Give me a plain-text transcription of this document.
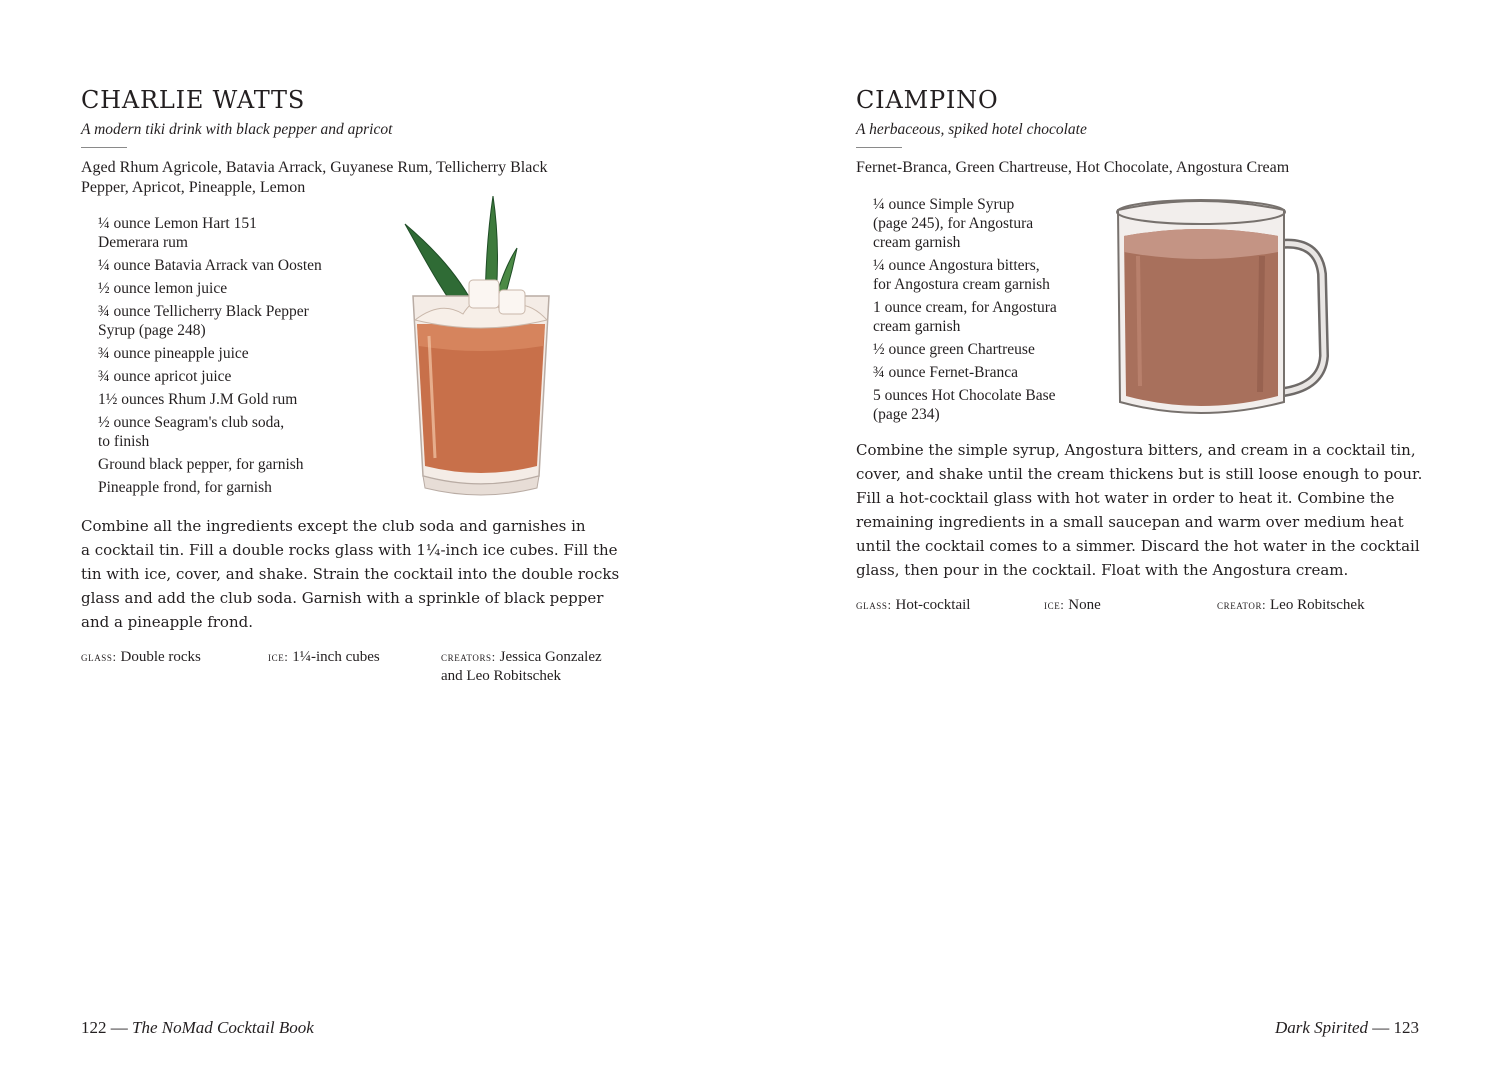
CHARLIE WATTS
A modern tiki drink with black pepper and apricot
Aged Rhum Agricole, Batavia Arrack, Guyanese Rum, Tellicherry Black
Pepper, Apricot, Pineapple, Lemon
¼ ounce Lemon Hart 151
Demerara rum
¼ ounce Batavia Arrack van Oosten
½ ounce lemon juice
¾ ounce Tellicherry Black Pepper
Syrup (page 248)
¾ ounce pineapple juice
¾ ounce apricot juice
1½ ounces Rhum J.M Gold rum
½ ounce Seagram's club soda,
to finish
Ground black pepper, for garnish
Pineapple frond, for garnish
Combine all the ingredients except the club soda and garnishes in
a cocktail tin. Fill a double rocks glass with 1¼-inch ice cubes. Fill the
tin with ice, cover, and shake. Strain the cocktail into the double rocks
glass and add the club soda. Garnish with a sprinkle of black pepper
and a pineapple frond.
glass: Double rocks	ice: 1¼-inch cubes	creators: Jessica Gonzalez
and Leo Robitschek
122 — The NoMad Cocktail Book
CIAMPINO
A herbaceous, spiked hotel chocolate
Fernet-Branca, Green Chartreuse, Hot Chocolate, Angostura Cream
¼ ounce Simple Syrup
(page 245), for Angostura
cream garnish
¼ ounce Angostura bitters,
for Angostura cream garnish
1 ounce cream, for Angostura
cream garnish
½ ounce green Chartreuse
¾ ounce Fernet-Branca
5 ounces Hot Chocolate Base
(page 234)
Combine the simple syrup, Angostura bitters, and cream in a cocktail tin,
cover, and shake until the cream thickens but is still loose enough to pour.
Fill a hot-cocktail glass with hot water in order to heat it. Combine the
remaining ingredients in a small saucepan and warm over medium heat
until the cocktail comes to a simmer. Discard the hot water in the cocktail
glass, then pour in the cocktail. Float with the Angostura cream.
glass: Hot-cocktail	ice: None	creator: Leo Robitschek
Dark Spirited — 123
